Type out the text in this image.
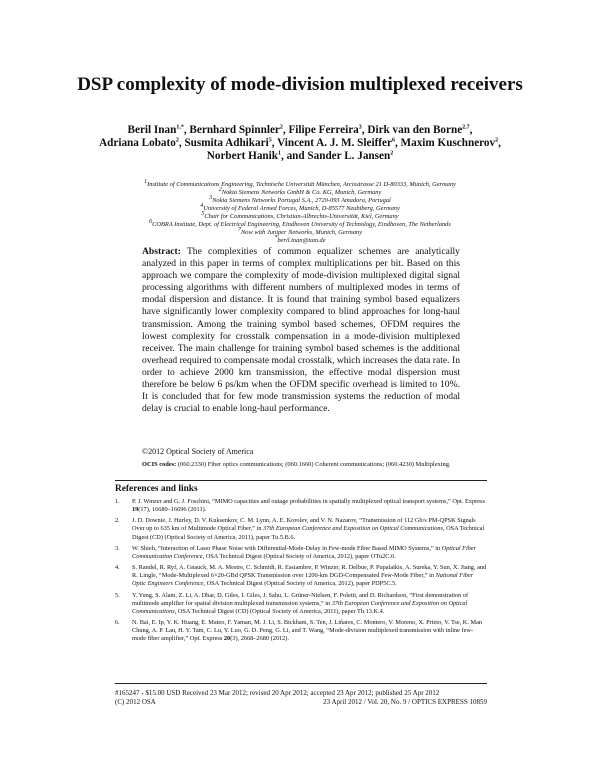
DSP complexity of mode-division multiplexed receivers
Beril Inan$^{1,*}$, Bernhard Spinnler$^2$, Filipe Ferreira$^3$, Dirk van den Borne$^{2,7}$,
Adriana Lobato$^2$, Susmita Adhikari$^5$, Vincent A. J. M. Sleiffer$^6$, Maxim Kuschnerov$^2$,
Norbert Hanik$^1$, and Sander L. Jansen$^2$
$^1$Institute of Communications Engineering, Technische Universität München, Arcisstrasse 21 D-80333, Munich, Germany
$^2$Nokia Siemens Networks GmbH & Co. KG, Munich, Germany
$^3$Nokia Siemens Networks Portugal S.A., 2720-093 Amadora, Portugal
$^4$University of Federal Armed Forces, Munich, D-85577 Neubiberg, Germany
$^5$Chair for Communications, Christian-Albrechts-Universität, Kiel, Germany
$^6$COBRA Institute, Dept. of Electrical Engineering, Eindhoven University of Technology, Eindhoven, The Netherlands
$^7$Now with Juniper Networks, Munich, Germany
*beril.inan@tum.de
Abstract: The complexities of common equalizer schemes are analytically analyzed in this paper in terms of complex multiplications per bit. Based on this approach we compare the complexity of mode-division multiplexed digital signal processing algorithms with different numbers of multiplexed modes in terms of modal dispersion and distance. It is found that training symbol based equalizers have significantly lower complexity compared to blind approaches for long-haul transmission. Among the training symbol based schemes, OFDM requires the lowest complexity for crosstalk compensation in a mode-division multiplexed receiver. The main challenge for training symbol based schemes is the additional overhead required to compensate modal crosstalk, which increases the data rate. In order to achieve 2000 km transmission, the effective modal dispersion must therefore be below 6 ps/km when the OFDM specific overhead is limited to 10%. It is concluded that for few mode transmission systems the reduction of modal delay is crucial to enable long-haul performance.
©2012 Optical Society of America
OCIS codes: (060.2330) Fiber optics communications; (060.1660) Coherent communications; (060.4230) Multiplexing.
References and links
1.	P. J. Winzer and G. J. Foschini, “MIMO capacities and outage probabilities in spatially multiplexed optical transport systems,” Opt. Express 19(17), 16680–16696 (2011).
2.	J. D. Downie, J. Hurley, D. V. Kuksenkov, C. M. Lynn, A. E. Korolev, and V. N. Nazarov, “Transmission of 112 Gb/s PM-QPSK Signals Over up to 635 km of Multimode Optical Fiber,” in 37th European Conference and Exposition on Optical Communications, OSA Technical Digest (CD) (Optical Society of America, 2011), paper Tu.5.B.6.
3.	W. Shieh, “Interaction of Laser Phase Noise with Differential-Mode-Delay in Few-mode Fiber Based MIMO Systems,” in Optical Fiber Communication Conference, OSA Technical Digest (Optical Society of America, 2012), paper OTu2C.6.
4.	S. Randel, R. Ryf, A. Gnauck, M. A. Mestre, C. Schmidt, R. Essiambre, P. Winzer, R. Delbue, P. Pupalaikis, A. Sureka, Y. Sun, X. Jiang, and R. Lingle, “Mode-Multiplexed 6×20-GBd QPSK Transmission over 1200-km DGD-Compensated Few-Mode Fiber,” in National Fiber Optic Engineers Conference, OSA Technical Digest (Optical Society of America, 2012), paper PDP5C.5.
5.	Y. Yung, S. Alam, Z. Li, A. Dhar, D. Giles, I. Giles, J. Sahu, L. Grüner-Nielsen, F. Poletti, and D. Richardson, “First demonstration of multimode amplifier for spatial division multiplexed transmission systems,” in 37th European Conference and Exposition on Optical Communications, OSA Technical Digest (CD) (Optical Society of America, 2011), paper Th.13.K.4.
6.	N. Bai, E. Ip, Y. K. Huang, E. Mateo, F. Yaman, M. J. Li, S. Bickham, S. Ten, J. Liñares, C. Montero, V. Moreno, X. Prieto, V. Tse, K. Man Chung, A. P. Lau, H. Y. Tam, C. Lu, Y. Luo, G. D. Peng, G. Li, and T. Wang, “Mode-division multiplexed transmission with inline few-mode fiber amplifier,” Opt. Express 20(3), 2668–2680 (2012).
#165247 - $15.00 USD Received 23 Mar 2012; revised 20 Apr 2012; accepted 23 Apr 2012; published 25 Apr 2012
(C) 2012 OSA	23 April 2012 / Vol. 20, No. 9 / OPTICS EXPRESS 10859
